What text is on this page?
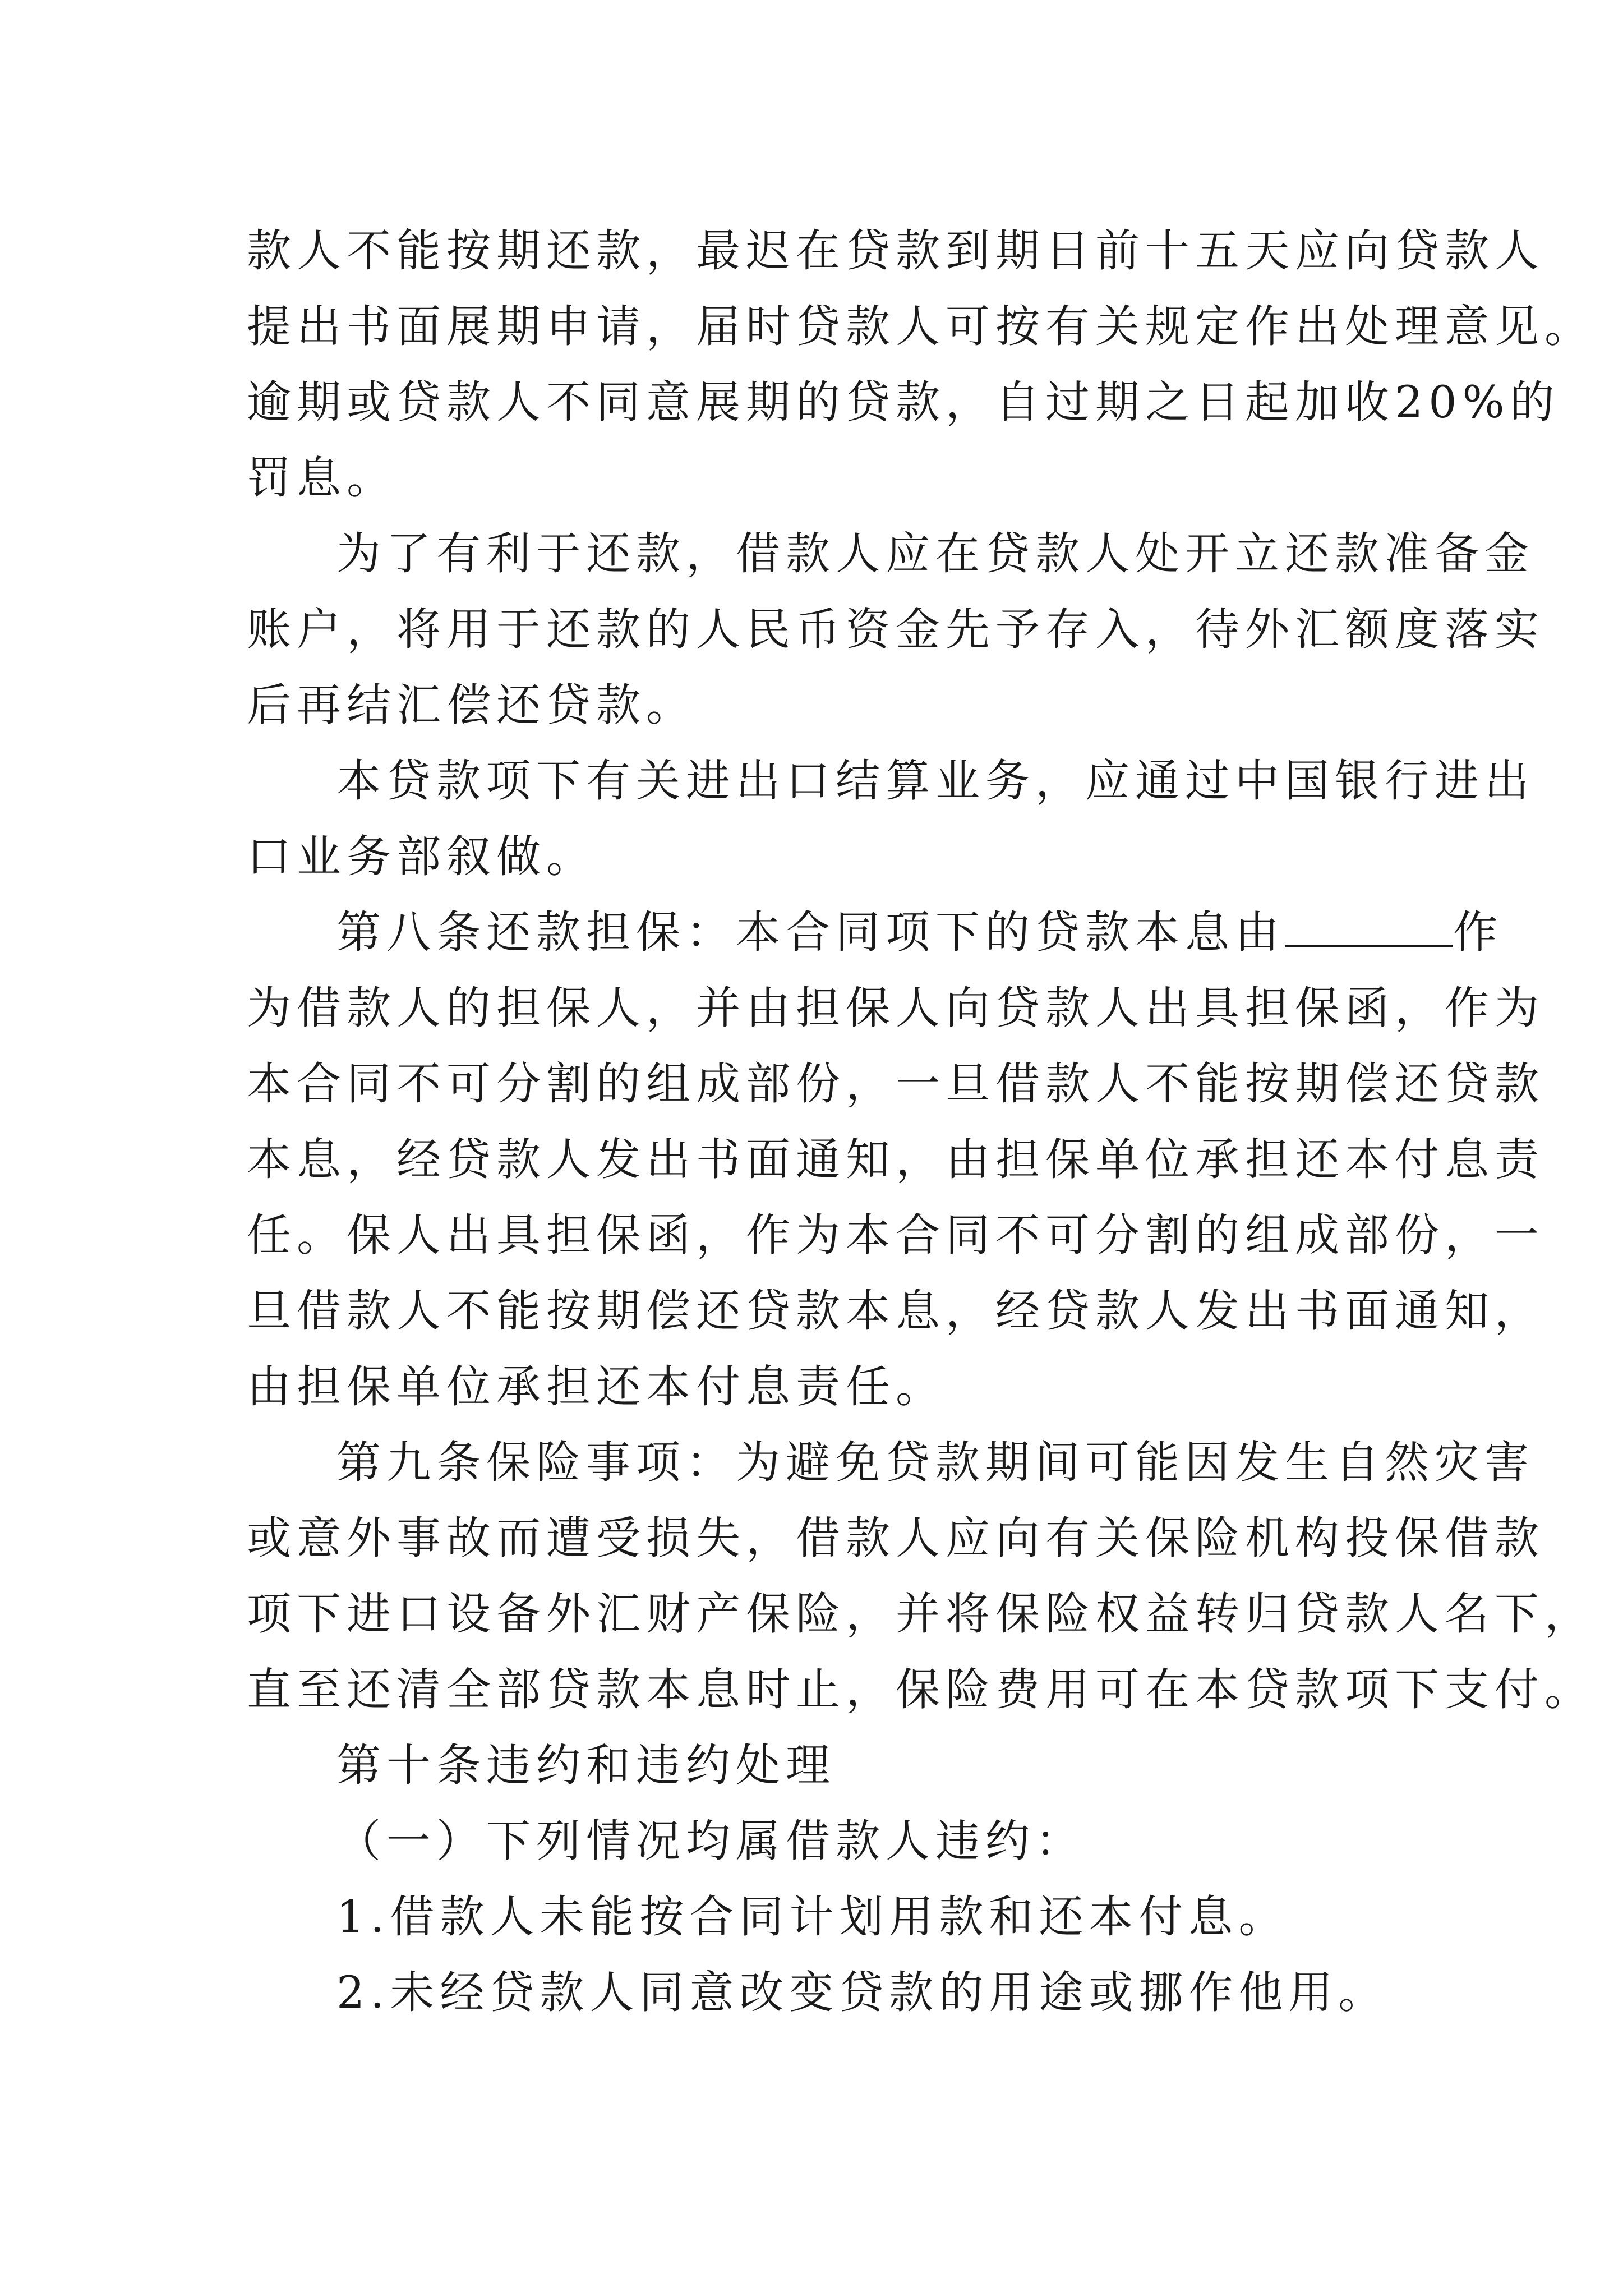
款人不能按期还款，最迟在贷款到期日前十五天应向贷款人
提出书面展期申请，届时贷款人可按有关规定作出处理意见。
逾期或贷款人不同意展期的贷款，自过期之日起加收20%的
罚息。
为了有利于还款，借款人应在贷款人处开立还款准备金
账户，将用于还款的人民币资金先予存入，待外汇额度落实
后再结汇偿还贷款。
本贷款项下有关进出口结算业务，应通过中国银行进出
口业务部叙做。
第八条还款担保：本合同项下的贷款本息由	作
为借款人的担保人，并由担保人向贷款人出具担保函，作为
本合同不可分割的组成部份，一旦借款人不能按期偿还贷款
本息，经贷款人发出书面通知，由担保单位承担还本付息责
任。保人出具担保函，作为本合同不可分割的组成部份，一
旦借款人不能按期偿还贷款本息，经贷款人发出书面通知，
由担保单位承担还本付息责任。
第九条保险事项：为避免贷款期间可能因发生自然灾害
或意外事故而遭受损失，借款人应向有关保险机构投保借款
项下进口设备外汇财产保险，并将保险权益转归贷款人名下，
直至还清全部贷款本息时止，保险费用可在本贷款项下支付。
第十条违约和违约处理
（一）下列情况均属借款人违约：
1.借款人未能按合同计划用款和还本付息。
2.未经贷款人同意改变贷款的用途或挪作他用。
